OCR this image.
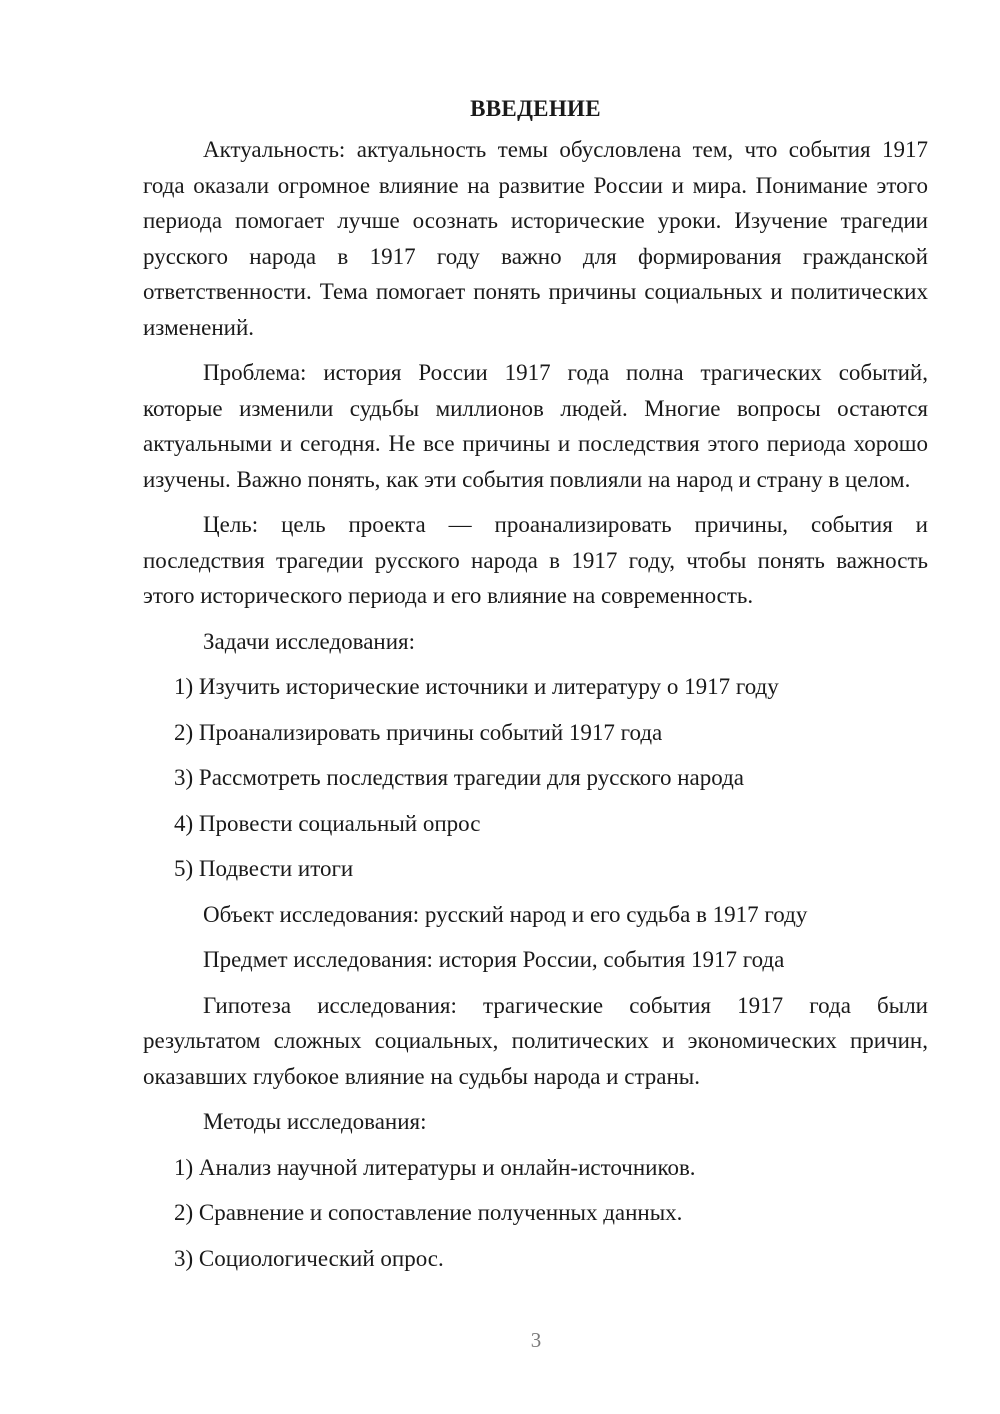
ВВЕДЕНИЕ

Актуальность: актуальность темы обусловлена тем, что события 1917 года оказали огромное влияние на развитие России и мира. Понимание этого периода помогает лучше осознать исторические уроки. Изучение трагедии русского народа в 1917 году важно для формирования гражданской ответственности. Тема помогает понять причины социальных и политических изменений.

Проблема: история России 1917 года полна трагических событий, которые изменили судьбы миллионов людей. Многие вопросы остаются актуальными и сегодня. Не все причины и последствия этого периода хорошо изучены. Важно понять, как эти события повлияли на народ и страну в целом.

Цель: цель проекта — проанализировать причины, события и последствия трагедии русского народа в 1917 году, чтобы понять важность этого исторического периода и его влияние на современность.

Задачи исследования:

1) Изучить исторические источники и литературу о 1917 году
2) Проанализировать причины событий 1917 года
3) Рассмотреть последствия трагедии для русского народа
4) Провести социальный опрос
5) Подвести итоги

Объект исследования: русский народ и его судьба в 1917 году

Предмет исследования: история России, события 1917 года

Гипотеза исследования: трагические события 1917 года были результатом сложных социальных, политических и экономических причин, оказавших глубокое влияние на судьбы народа и страны.

Методы исследования:

1) Анализ научной литературы и онлайн-источников.
2) Сравнение и сопоставление полученных данных.
3) Социологический опрос.
3
